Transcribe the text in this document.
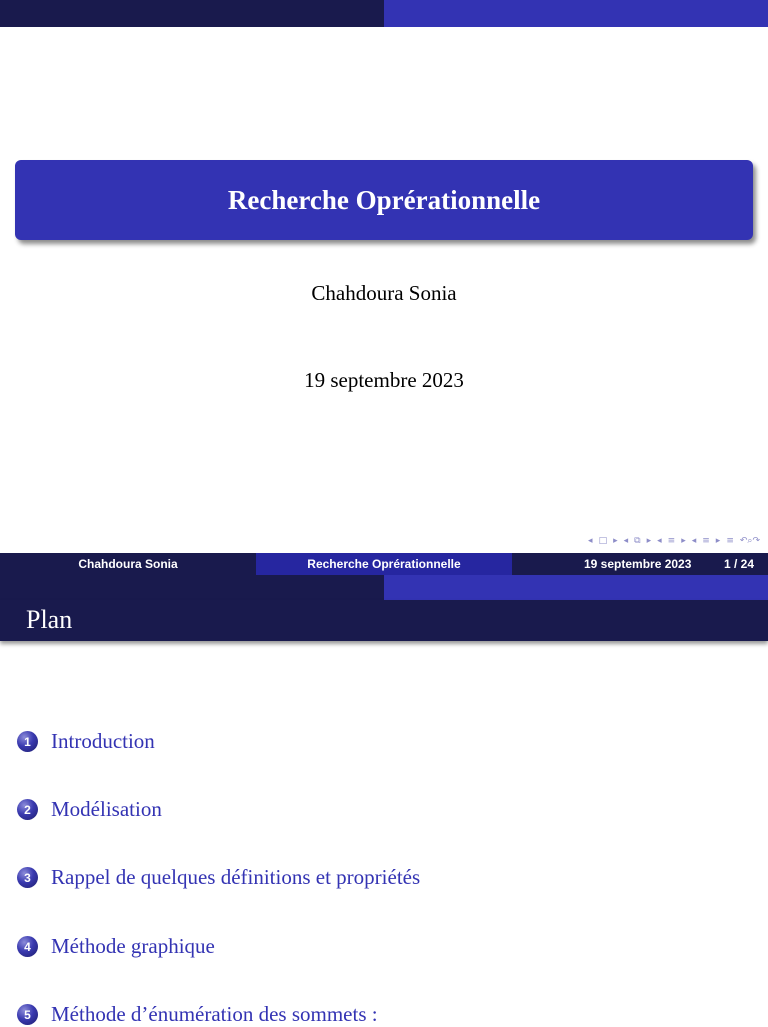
Recherche Oprérationnelle
Chahdoura Sonia
19 septembre 2023
◂ □ ▸ ◂ ⧉ ▸ ◂ ≡ ▸ ◂ ≡ ▸ ≡ ↶⌕↷
Chahdoura Sonia	Recherche Oprérationnelle	19 septembre 2023	1 / 24
Plan
1 Introduction
2 Modélisation
3 Rappel de quelques définitions et propriétés
4 Méthode graphique
5 Méthode d’énumération des sommets :
